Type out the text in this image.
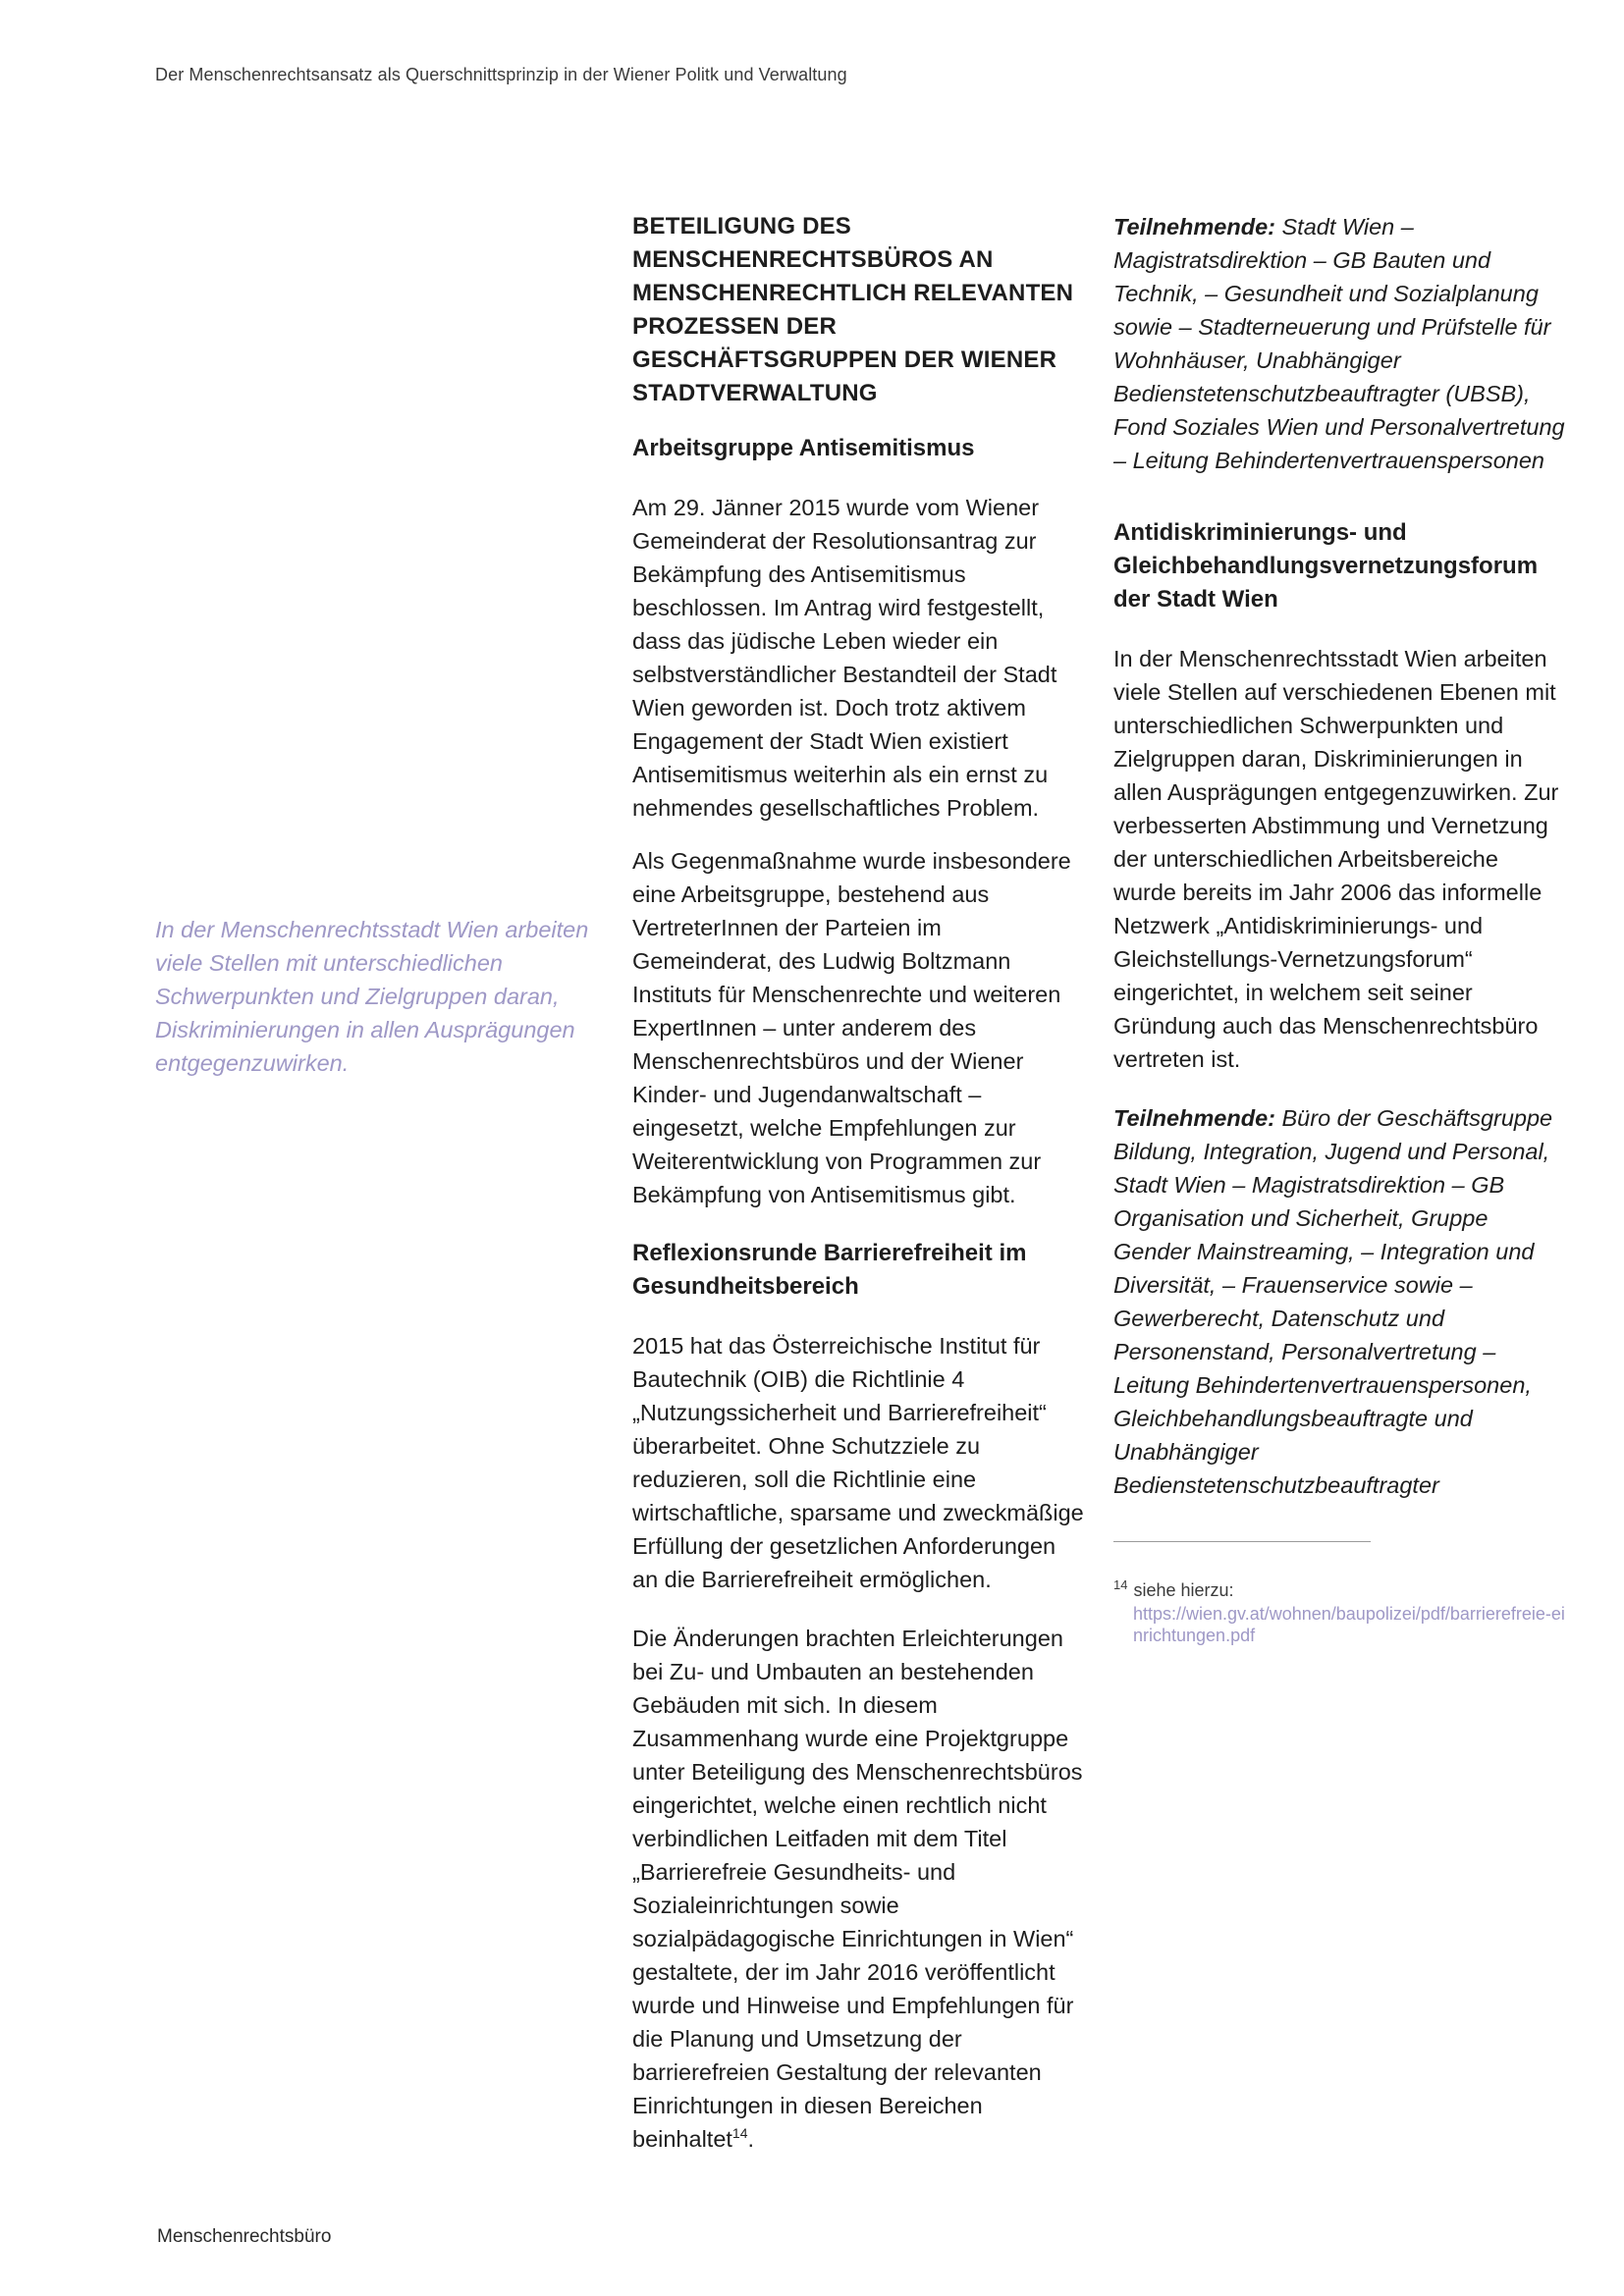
Der Menschenrechtsansatz als Querschnittsprinzip in der Wiener Politk und Verwaltung
In der Menschenrechtsstadt Wien arbeiten viele Stellen mit unterschiedlichen Schwerpunkten und Zielgruppen daran, Diskriminierungen in allen Ausprägungen entgegenzuwirken.
BETEILIGUNG DES MENSCHENRECHTSBÜROS AN MENSCHENRECHTLICH RELEVANTEN PROZESSEN DER GESCHÄFTSGRUPPEN DER WIENER STADTVERWALTUNG
Arbeitsgruppe Antisemitismus

Am 29. Jänner 2015 wurde vom Wiener Gemeinderat der Resolutionsantrag zur Bekämpfung des Antisemitismus beschlossen. Im Antrag wird festgestellt, dass das jüdische Leben wieder ein selbstverständlicher Bestandteil der Stadt Wien geworden ist. Doch trotz aktivem Engagement der Stadt Wien existiert Antisemitismus weiterhin als ein ernst zu nehmendes gesellschaftliches Problem.

Als Gegenmaßnahme wurde insbesondere eine Arbeitsgruppe, bestehend aus VertreterInnen der Parteien im Gemeinderat, des Ludwig Boltzmann Instituts für Menschenrechte und weiteren ExpertInnen – unter anderem des Menschenrechtsbüros und der Wiener Kinder- und Jugendanwaltschaft – eingesetzt, welche Empfehlungen zur Weiterentwicklung von Programmen zur Bekämpfung von Antisemitismus gibt.

Reflexionsrunde Barrierefreiheit im Gesundheitsbereich

2015 hat das Österreichische Institut für Bautechnik (OIB) die Richtlinie 4 „Nutzungssicherheit und Barrierefreiheit“ überarbeitet. Ohne Schutzziele zu reduzieren, soll die Richtlinie eine wirtschaftliche, sparsame und zweckmäßige Erfüllung der gesetzlichen Anforderungen an die Barrierefreiheit ermöglichen.

Die Änderungen brachten Erleichterungen bei Zu- und Umbauten an bestehenden Gebäuden mit sich. In diesem Zusammenhang wurde eine Projektgruppe unter Beteiligung des Menschenrechtsbüros eingerichtet, welche einen rechtlich nicht verbindlichen Leitfaden mit dem Titel „Barrierefreie Gesundheits- und Sozialeinrichtungen sowie sozialpädagogische Einrichtungen in Wien“ gestaltete, der im Jahr 2016 veröffentlicht wurde und Hinweise und Empfehlungen für die Planung und Umsetzung der barrierefreien Gestaltung der relevanten Einrichtungen in diesen Bereichen beinhaltet$^{14}$.

Teilnehmende: Stadt Wien – Magistratsdirektion – GB Bauten und Technik, – Gesundheit und Sozialplanung sowie – Stadterneuerung und Prüfstelle für Wohnhäuser, Unabhängiger Bedienstetenschutzbeauftragter (UBSB), Fond Soziales Wien und Personalvertretung – Leitung Behindertenvertrauenspersonen

Antidiskriminierungs- und Gleichbehandlungsvernetzungsforum der Stadt Wien

In der Menschenrechtsstadt Wien arbeiten viele Stellen auf verschiedenen Ebenen mit unterschiedlichen Schwerpunkten und Zielgruppen daran, Diskriminierungen in allen Ausprägungen entgegenzuwirken. Zur verbesserten Abstimmung und Vernetzung der unterschiedlichen Arbeitsbereiche wurde bereits im Jahr 2006 das informelle Netzwerk „Antidiskriminierungs- und Gleichstellungs-Vernetzungsforum“ eingerichtet, in welchem seit seiner Gründung auch das Menschenrechtsbüro vertreten ist.

Teilnehmende: Büro der Geschäftsgruppe Bildung, Integration, Jugend und Personal, Stadt Wien – Magistratsdirektion – GB Organisation und Sicherheit, Gruppe Gender Mainstreaming, – Integration und Diversität, – Frauenservice sowie – Gewerberecht, Datenschutz und Personenstand, Personalvertretung – Leitung Behindertenvertrauenspersonen, Gleichbehandlungsbeauftragte und Unabhängiger Bedienstetenschutzbeauftragter

$^{14}$ siehe hierzu:
https://wien.gv.at/wohnen/baupolizei/pdf/barrierefreie-einrichtungen.pdf
Menschenrechtsbüro
